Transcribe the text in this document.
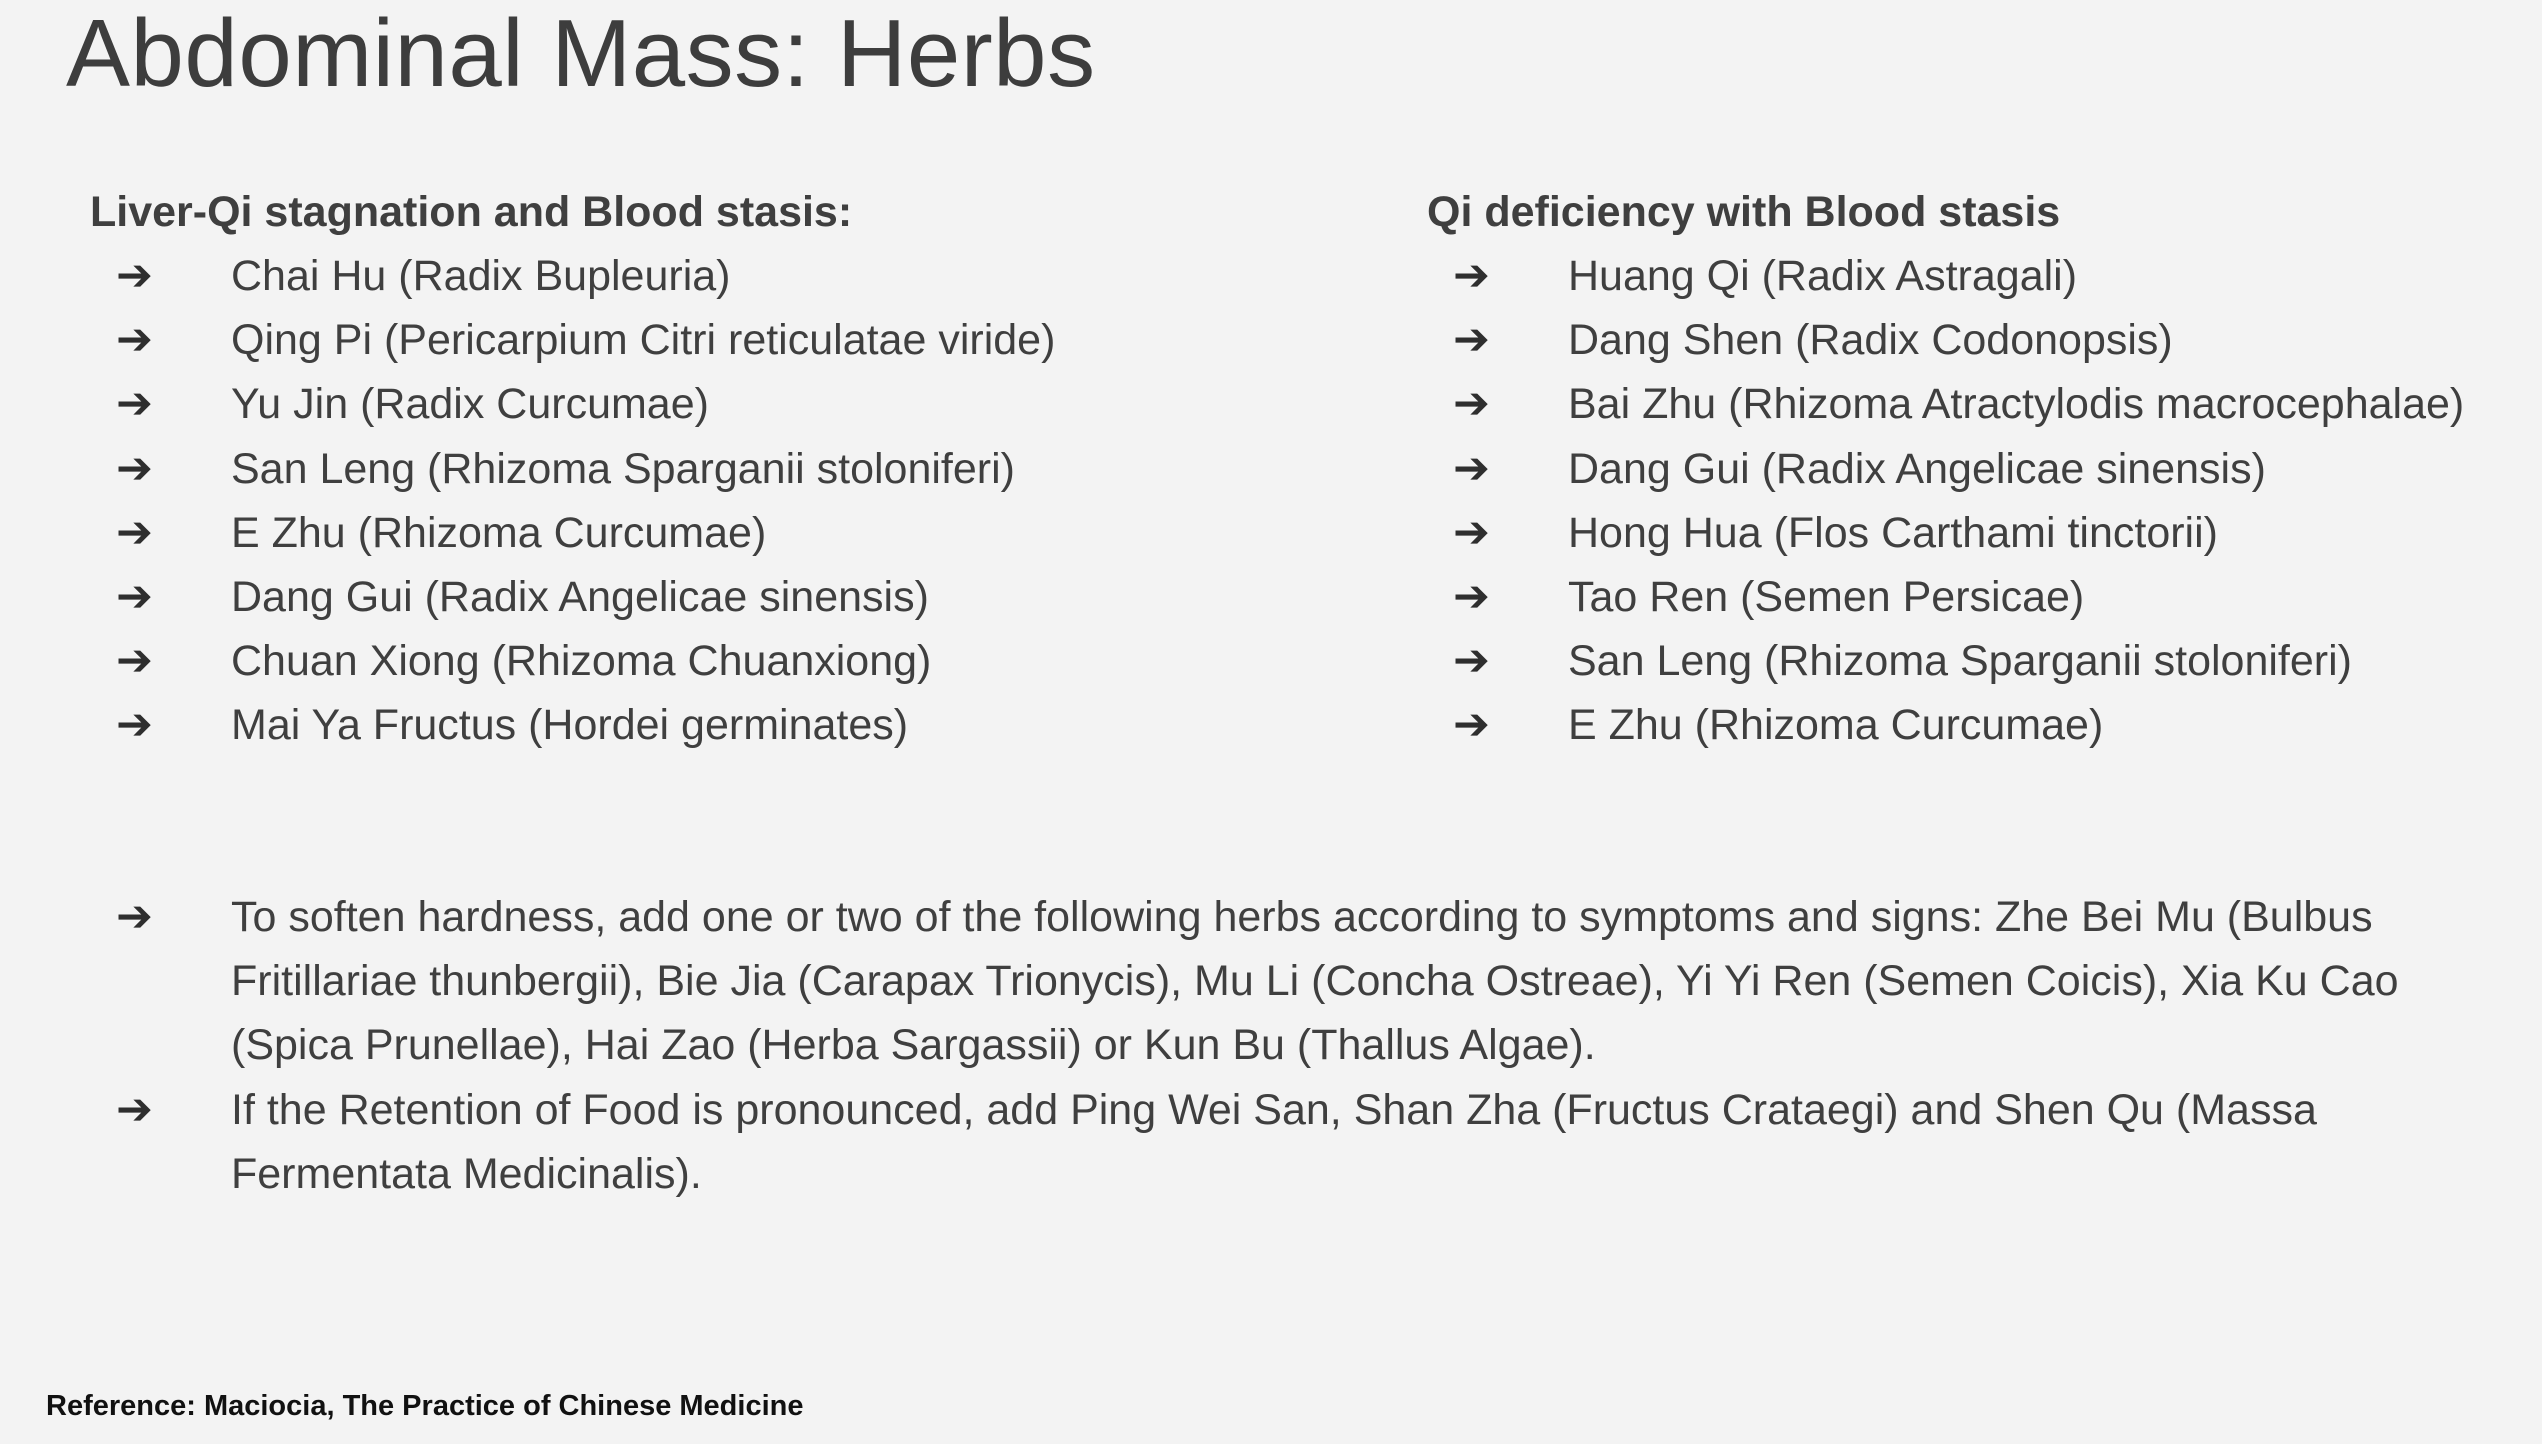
Abdominal Mass: Herbs
Liver-Qi stagnation and Blood stasis:
➔ Chai Hu (Radix Bupleuria)
➔ Qing Pi (Pericarpium Citri reticulatae viride)
➔ Yu Jin (Radix Curcumae)
➔ San Leng (Rhizoma Sparganii stoloniferi)
➔ E Zhu (Rhizoma Curcumae)
➔ Dang Gui (Radix Angelicae sinensis)
➔ Chuan Xiong (Rhizoma Chuanxiong)
➔ Mai Ya Fructus (Hordei germinates)
Qi deficiency with Blood stasis
➔ Huang Qi (Radix Astragali)
➔ Dang Shen (Radix Codonopsis)
➔ Bai Zhu (Rhizoma Atractylodis macrocephalae)
➔ Dang Gui (Radix Angelicae sinensis)
➔ Hong Hua (Flos Carthami tinctorii)
➔ Tao Ren (Semen Persicae)
➔ San Leng (Rhizoma Sparganii stoloniferi)
➔ E Zhu (Rhizoma Curcumae)
➔ To soften hardness, add one or two of the following herbs according to symptoms and signs: Zhe Bei Mu (Bulbus Fritillariae thunbergii), Bie Jia (Carapax Trionycis), Mu Li (Concha Ostreae), Yi Yi Ren (Semen Coicis), Xia Ku Cao (Spica Prunellae), Hai Zao (Herba Sargassii) or Kun Bu (Thallus Algae).
➔ If the Retention of Food is pronounced, add Ping Wei San, Shan Zha (Fructus Crataegi) and Shen Qu (Massa Fermentata Medicinalis).
Reference: Maciocia, The Practice of Chinese Medicine
